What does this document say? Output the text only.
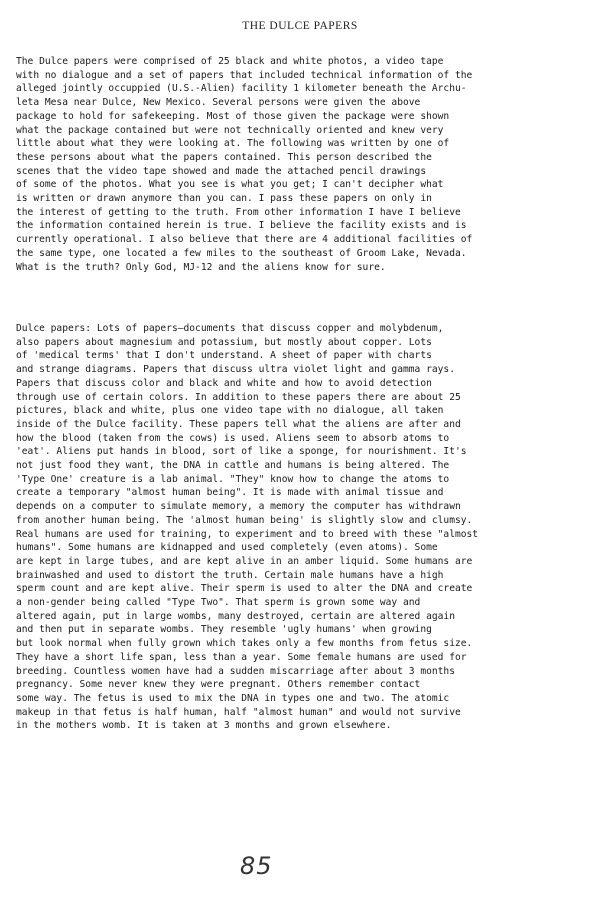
THE DULCE PAPERS
The Dulce papers were comprised of 25 black and white photos, a video tape
with no dialogue and a set of papers that included technical information of the
alleged jointly occuppied (U.S.-Alien) facility 1 kilometer beneath the Archu-
leta Mesa near Dulce, New Mexico. Several persons were given the above
package to hold for safekeeping. Most of those given the package were shown
what the package contained but were not technically oriented and knew very
little about what they were looking at. The following was written by one of
these persons about what the papers contained. This person described the
scenes that the video tape showed and made the attached pencil drawings
of some of the photos. What you see is what you get; I can't decipher what
is written or drawn anymore than you can. I pass these papers on only in
the interest of getting to the truth. From other information I have I believe
the information contained herein is true. I believe the facility exists and is
currently operational. I also believe that there are 4 additional facilities of
the same type, one located a few miles to the southeast of Groom Lake, Nevada.
What is the truth? Only God, MJ-12 and the aliens know for sure.
Dulce papers: Lots of papers—documents that discuss copper and molybdenum,
also papers about magnesium and potassium, but mostly about copper. Lots
of 'medical terms' that I don't understand. A sheet of paper with charts
and strange diagrams. Papers that discuss ultra violet light and gamma rays.
Papers that discuss color and black and white and how to avoid detection
through use of certain colors. In addition to these papers there are about 25
pictures, black and white, plus one video tape with no dialogue, all taken
inside of the Dulce facility. These papers tell what the aliens are after and
how the blood (taken from the cows) is used. Aliens seem to absorb atoms to
'eat'. Aliens put hands in blood, sort of like a sponge, for nourishment. It's
not just food they want, the DNA in cattle and humans is being altered. The
'Type One' creature is a lab animal. "They" know how to change the atoms to
create a temporary "almost human being". It is made with animal tissue and
depends on a computer to simulate memory, a memory the computer has withdrawn
from another human being. The 'almost human being' is slightly slow and clumsy.
Real humans are used for training, to experiment and to breed with these "almost
humans". Some humans are kidnapped and used completely (even atoms). Some
are kept in large tubes, and are kept alive in an amber liquid. Some humans are
brainwashed and used to distort the truth. Certain male humans have a high
sperm count and are kept alive. Their sperm is used to alter the DNA and create
a non-gender being called "Type Two". That sperm is grown some way and
altered again, put in large wombs, many destroyed, certain are altered again
and then put in separate wombs. They resemble 'ugly humans' when growing
but look normal when fully grown which takes only a few months from fetus size.
They have a short life span, less than a year. Some female humans are used for
breeding. Countless women have had a sudden miscarriage after about 3 months
pregnancy. Some never knew they were pregnant. Others remember contact
some way. The fetus is used to mix the DNA in types one and two. The atomic
makeup in that fetus is half human, half "almost human" and would not survive
in the mothers womb. It is taken at 3 months and grown elsewhere.
85
